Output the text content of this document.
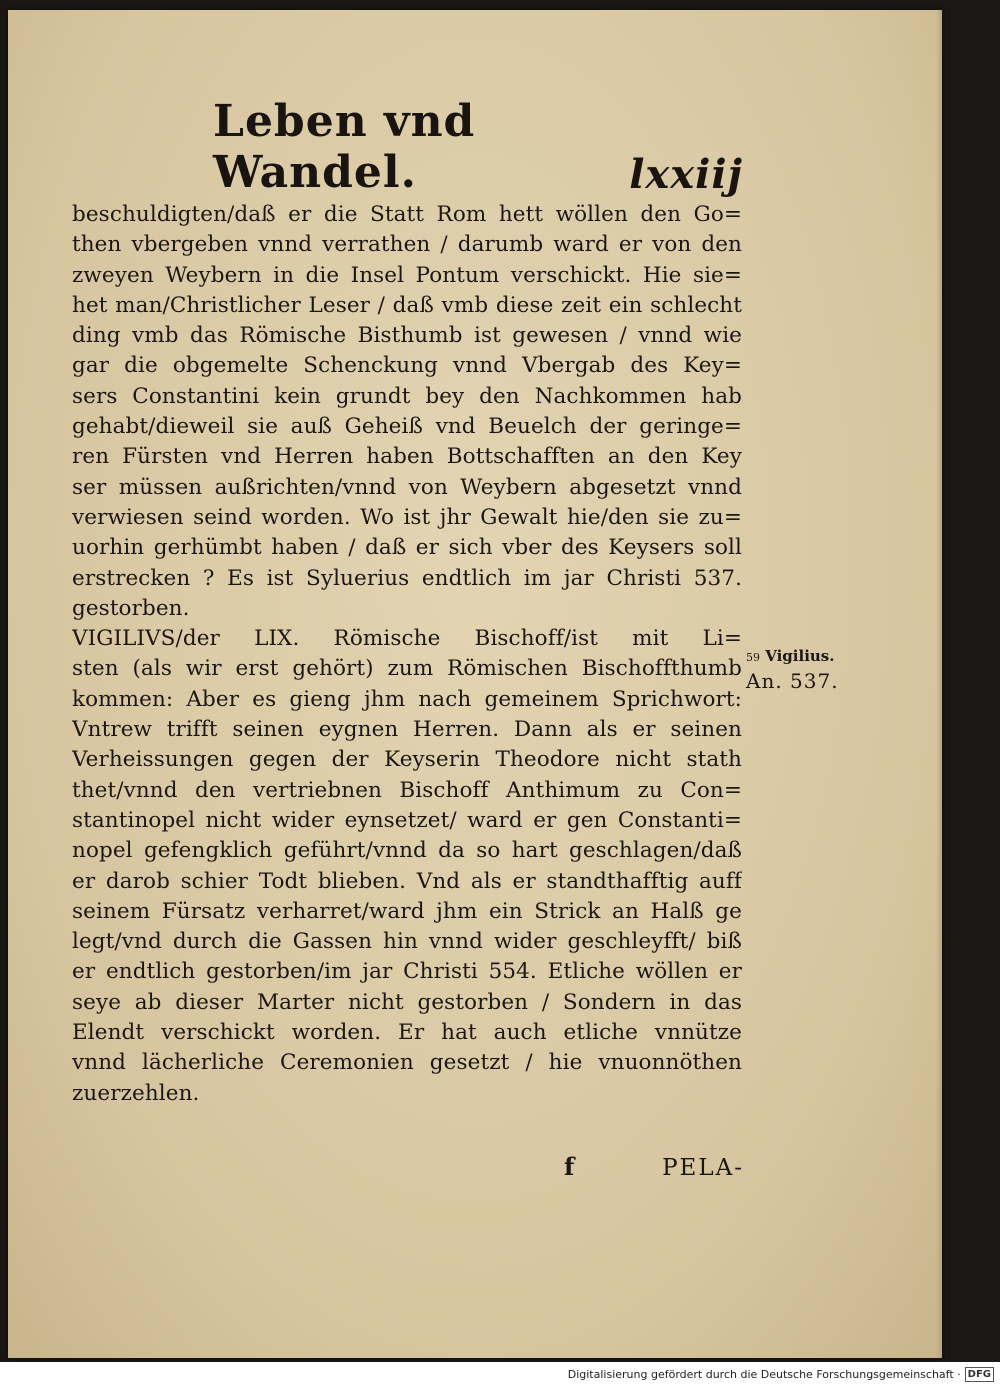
Leben vnd Wandel.	lxxiij
beschuldigten/daß er die Statt Rom hett wöllen den Go=
then vbergeben vnnd verrathen / darumb ward er von den
zweyen Weybern in die Insel Pontum verschickt. Hie sie=
het man/Christlicher Leser / daß vmb diese zeit ein schlecht
ding vmb das Römische Bisthumb ist gewesen / vnnd wie
gar die obgemelte Schenckung vnnd Vbergab des Key=
sers Constantini kein grundt bey den Nachkommen hab
gehabt/dieweil sie auß Geheiß vnd Beuelch der geringe=
ren Fürsten vnd Herren haben Bottschafften an den Key
ser müssen außrichten/vnnd von Weybern abgesetzt vnnd
verwiesen seind worden. Wo ist jhr Gewalt hie/den sie zu=
uorhin gerhümbt haben / daß er sich vber des Keysers soll
erstrecken ? Es ist Syluerius endtlich im jar Christi 537.
gestorben.
VIGILIVS/der LIX. Römische Bischoff/ist mit Li=
sten (als wir erst gehört) zum Römischen Bischoffthumb
kommen: Aber es gieng jhm nach gemeinem Sprichwort:
Vntrew trifft seinen eygnen Herren. Dann als er seinen
Verheissungen gegen der Keyserin Theodore nicht stath
thet/vnnd den vertriebnen Bischoff Anthimum zu Con=
stantinopel nicht wider eynsetzet/ ward er gen Constanti=
nopel gefengklich geführt/vnnd da so hart geschlagen/daß
er darob schier Todt blieben. Vnd als er standthafftig auff
seinem Fürsatz verharret/ward jhm ein Strick an Halß ge
legt/vnd durch die Gassen hin vnnd wider geschleyfft/ biß
er endtlich gestorben/im jar Christi 554. Etliche wöllen er
seye ab dieser Marter nicht gestorben / Sondern in das
Elendt verschickt worden. Er hat auch etliche vnnütze
vnnd lächerliche Ceremonien gesetzt / hie vnuonnöthen
zuerzehlen.
59 Vigilius.
An. 537.
f	PELA-
Digitalisierung gefördert durch die Deutsche Forschungsgemeinschaft · DFG
